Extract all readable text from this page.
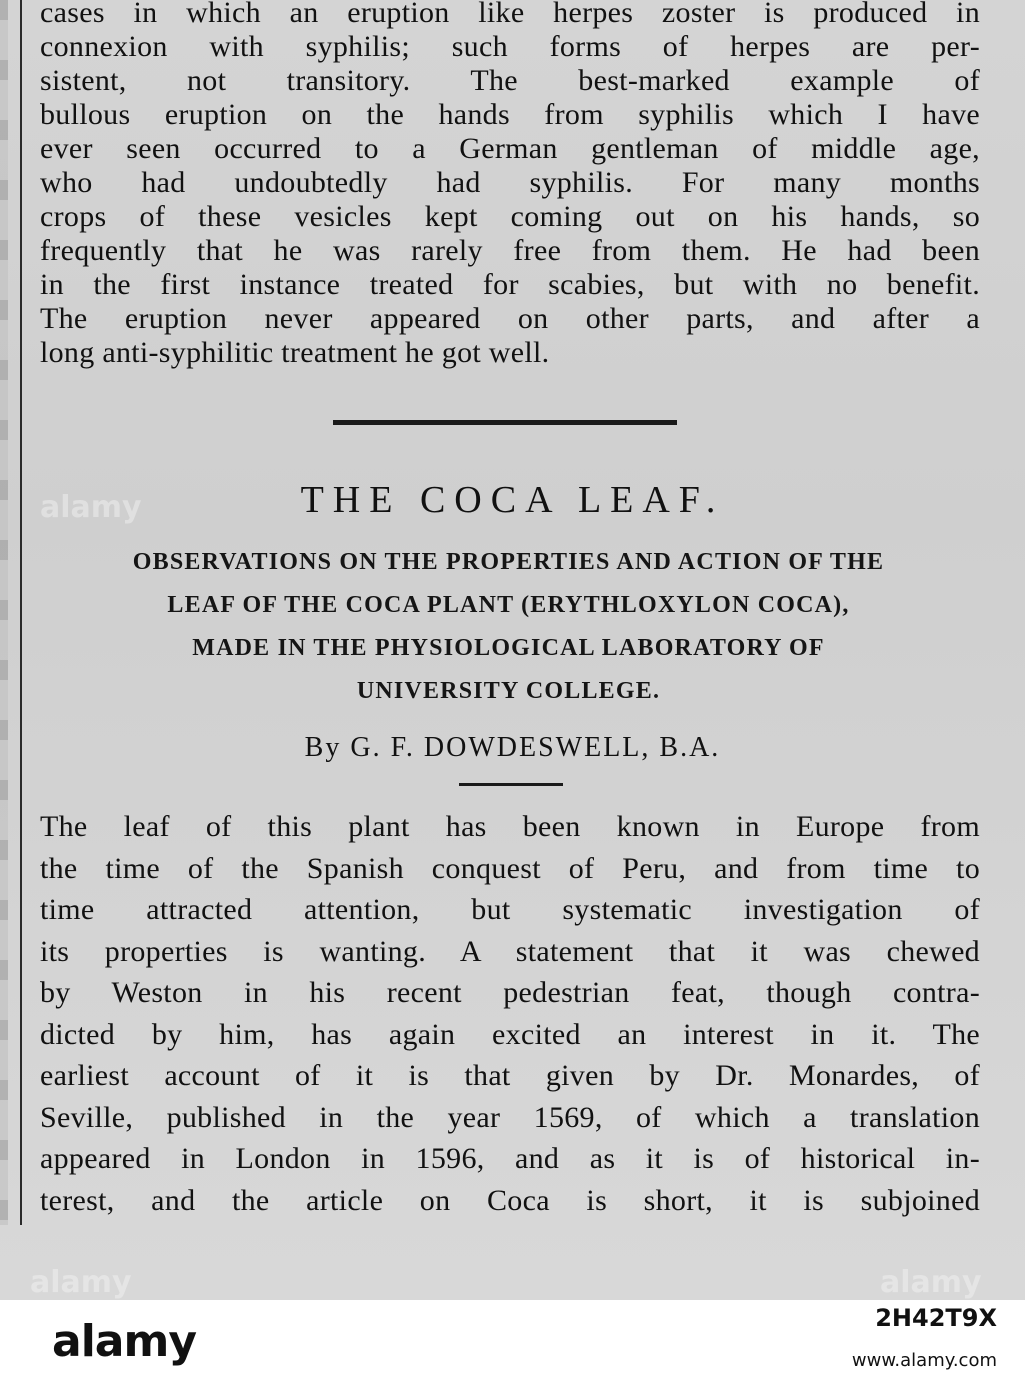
cases in which an eruption like herpes zoster is produced in
connexion with syphilis; such forms of herpes are per-
sistent, not transitory. The best-marked example of
bullous eruption on the hands from syphilis which I have
ever seen occurred to a German gentleman of middle age,
who had undoubtedly had syphilis. For many months
crops of these vesicles kept coming out on his hands, so
frequently that he was rarely free from them. He had been
in the first instance treated for scabies, but with no benefit.
The eruption never appeared on other parts, and after a
long anti-syphilitic treatment he got well.
THE COCA LEAF.
OBSERVATIONS ON THE PROPERTIES AND ACTION OF THE
LEAF OF THE COCA PLANT (ERYTHLOXYLON COCA),
MADE IN THE PHYSIOLOGICAL LABORATORY OF
UNIVERSITY COLLEGE.
By G. F. DOWDESWELL, B.A.
The leaf of this plant has been known in Europe from
the time of the Spanish conquest of Peru, and from time to
time attracted attention, but systematic investigation of
its properties is wanting. A statement that it was chewed
by Weston in his recent pedestrian feat, though contra-
dicted by him, has again excited an interest in it. The
earliest account of it is that given by Dr. Monardes, of
Seville, published in the year 1569, of which a translation
appeared in London in 1596, and as it is of historical in-
terest, and the article on Coca is short, it is subjoined
alamy
alamy
alamy
alamy	2H42T9X
www.alamy.com
